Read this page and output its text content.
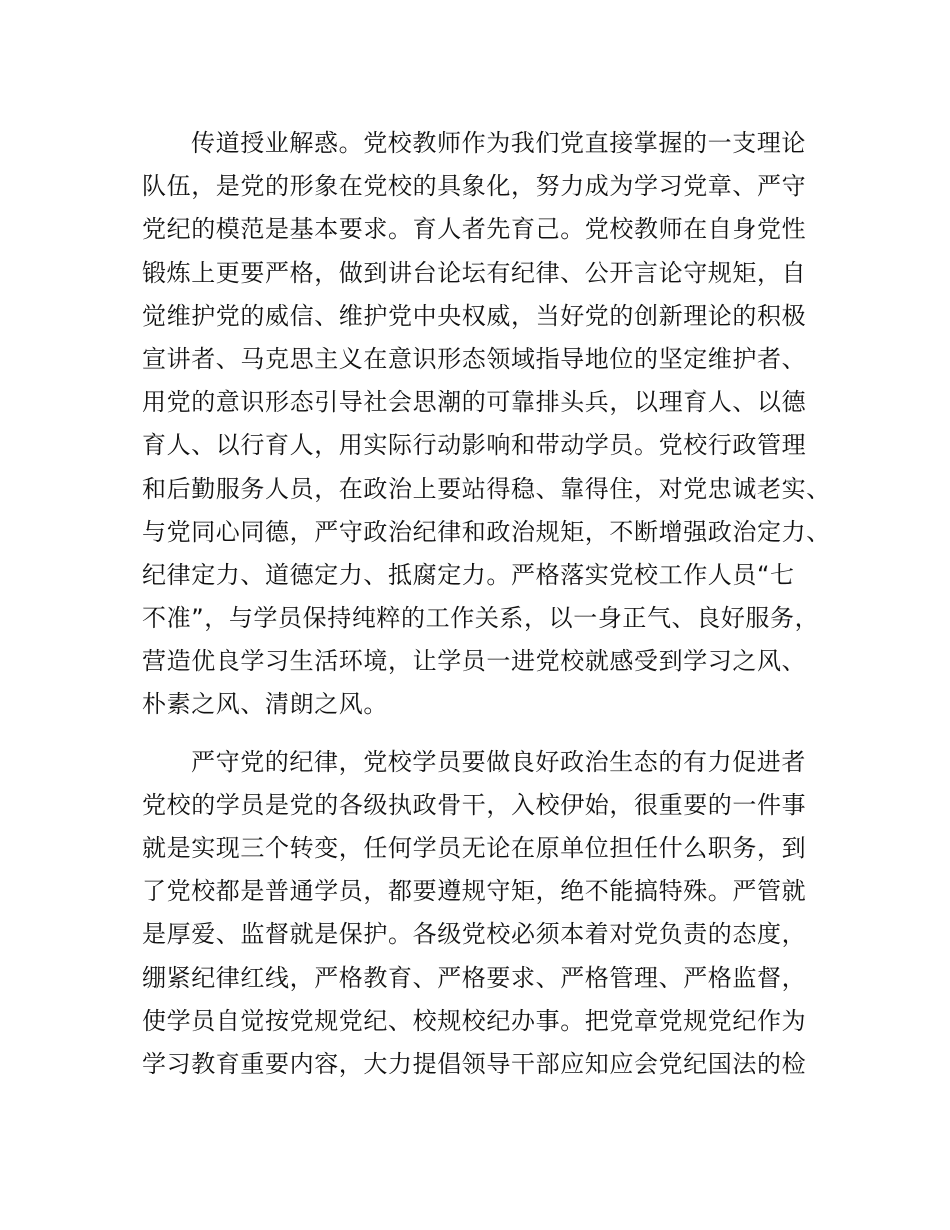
传道授业解惑。党校教师作为我们党直接掌握的一支理论
队伍，是党的形象在党校的具象化，努力成为学习党章、严守
党纪的模范是基本要求。育人者先育己。党校教师在自身党性
锻炼上更要严格，做到讲台论坛有纪律、公开言论守规矩，自
觉维护党的威信、维护党中央权威，当好党的创新理论的积极
宣讲者、马克思主义在意识形态领域指导地位的坚定维护者、
用党的意识形态引导社会思潮的可靠排头兵，以理育人、以德
育人、以行育人，用实际行动影响和带动学员。党校行政管理
和后勤服务人员，在政治上要站得稳、靠得住，对党忠诚老实、
与党同心同德，严守政治纪律和政治规矩，不断增强政治定力、
纪律定力、道德定力、抵腐定力。严格落实党校工作人员“七
不准”，与学员保持纯粹的工作关系，以一身正气、良好服务，
营造优良学习生活环境，让学员一进党校就感受到学习之风、
朴素之风、清朗之风。
严守党的纪律，党校学员要做良好政治生态的有力促进者
党校的学员是党的各级执政骨干，入校伊始，很重要的一件事
就是实现三个转变，任何学员无论在原单位担任什么职务，到
了党校都是普通学员，都要遵规守矩，绝不能搞特殊。严管就
是厚爱、监督就是保护。各级党校必须本着对党负责的态度，
绷紧纪律红线，严格教育、严格要求、严格管理、严格监督，
使学员自觉按党规党纪、校规校纪办事。把党章党规党纪作为
学习教育重要内容，大力提倡领导干部应知应会党纪国法的检
